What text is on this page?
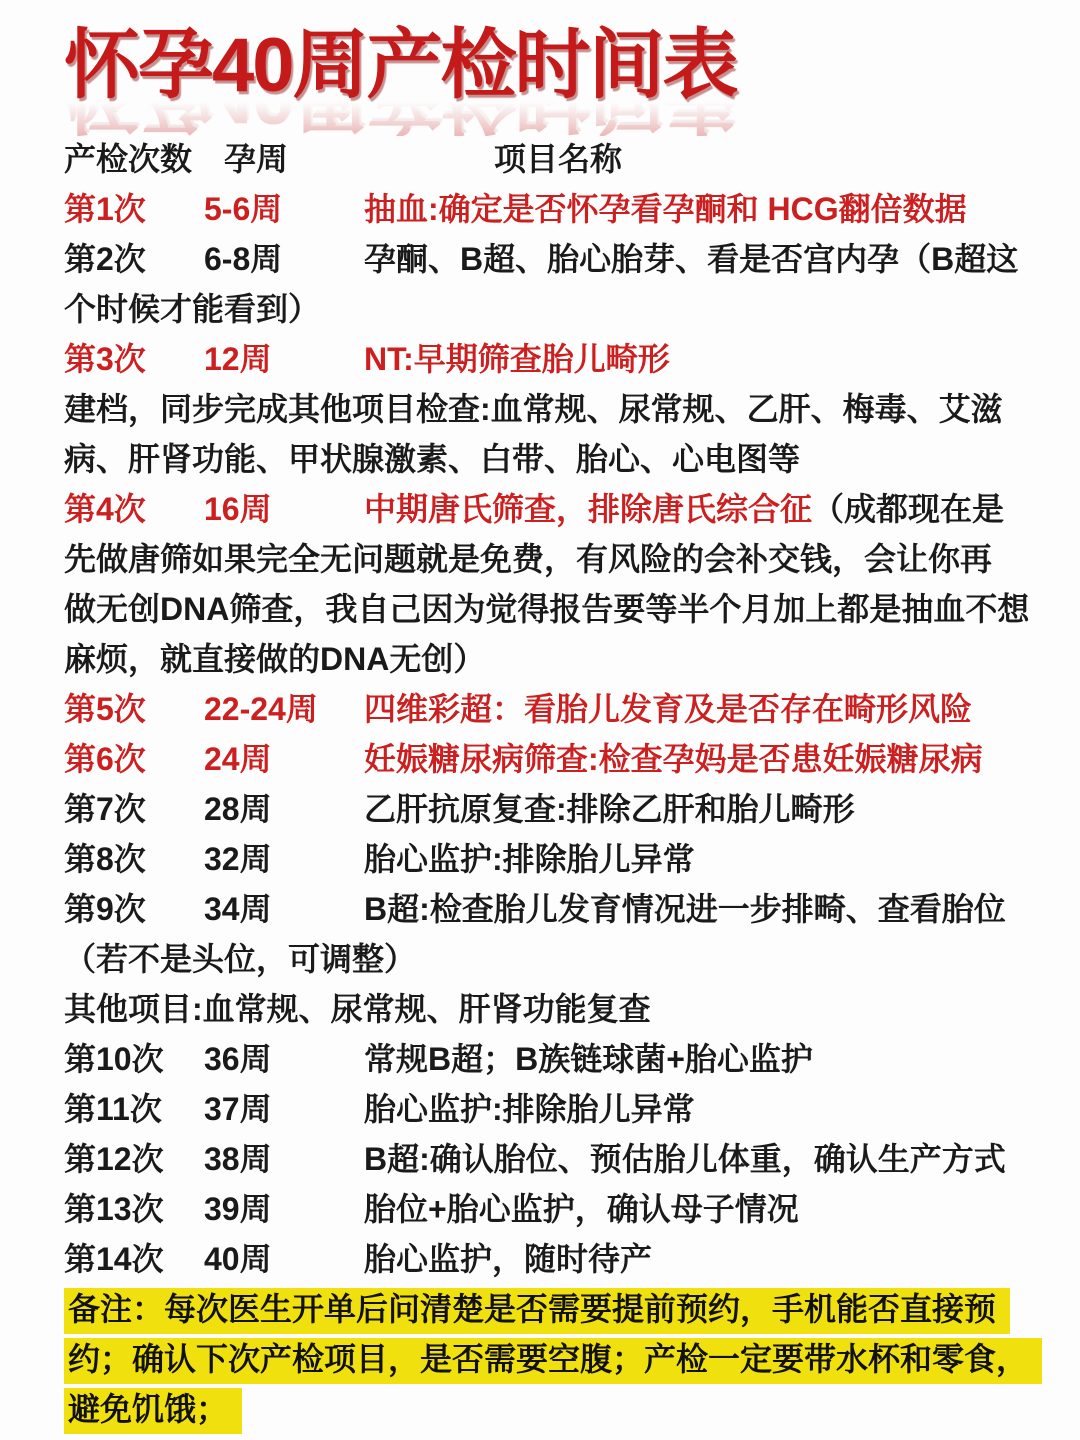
怀孕40周产检时间表
产检次数 孕周	项目名称
第1次	5-6周	抽血:确定是否怀孕看孕酮和 HCG翻倍数据
第2次	6-8周	孕酮、B超、胎心胎芽、看是否宫内孕（B超这
个时候才能看到）
第3次	12周	NT:早期筛查胎儿畸形
建档，同步完成其他项目检查:血常规、尿常规、乙肝、梅毒、艾滋
病、肝肾功能、甲状腺激素、白带、胎心、心电图等
第4次	16周	中期唐氏筛查，排除唐氏综合征（成都现在是
先做唐筛如果完全无问题就是免费，有风险的会补交钱，会让你再
做无创DNA筛查，我自己因为觉得报告要等半个月加上都是抽血不想
麻烦，就直接做的DNA无创）
第5次	22-24周	四维彩超：看胎儿发育及是否存在畸形风险
第6次	24周	妊娠糖尿病筛查:检查孕妈是否患妊娠糖尿病
第7次	28周	乙肝抗原复查:排除乙肝和胎儿畸形
第8次	32周	胎心监护:排除胎儿异常
第9次	34周	B超:检查胎儿发育情况进一步排畸、查看胎位
（若不是头位，可调整）
其他项目:血常规、尿常规、肝肾功能复查
第10次	36周	常规B超；B族链球菌+胎心监护
第11次	37周	胎心监护:排除胎儿异常
第12次	38周	B超:确认胎位、预估胎儿体重，确认生产方式
第13次	39周	胎位+胎心监护，确认母子情况
第14次	40周	胎心监护，随时待产
备注：每次医生开单后问清楚是否需要提前预约，手机能否直接预
约；确认下次产检项目，是否需要空腹；产检一定要带水杯和零食，
避免饥饿；
